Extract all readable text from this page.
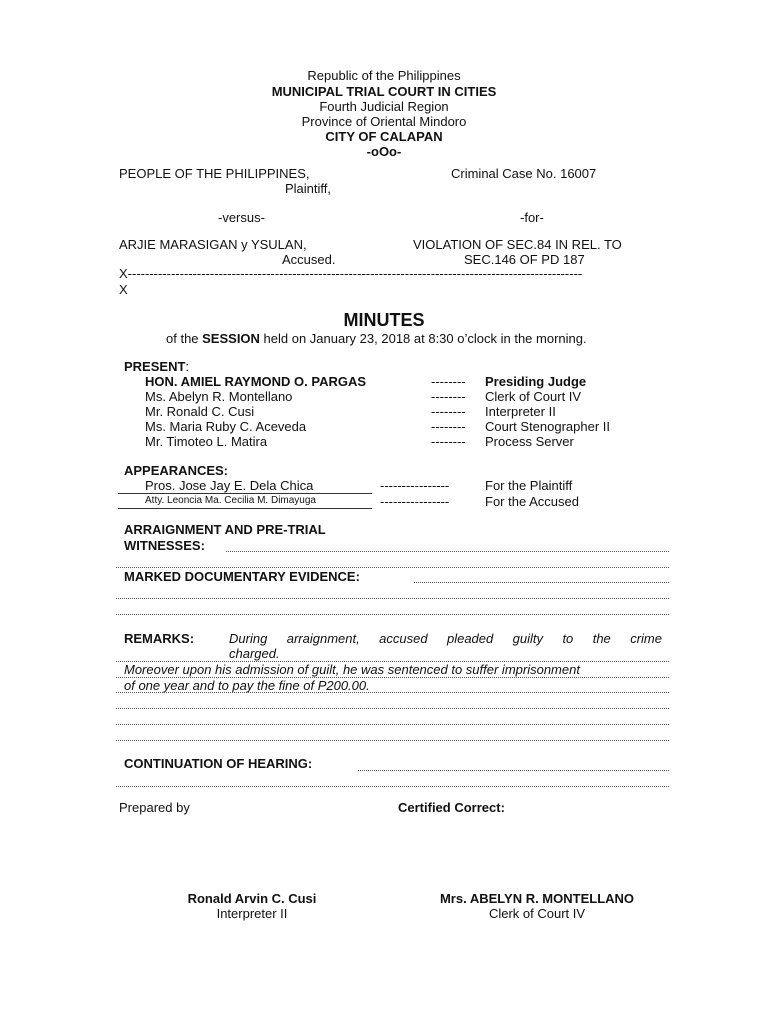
Republic of the Philippines
MUNICIPAL TRIAL COURT IN CITIES
Fourth Judicial Region
Province of Oriental Mindoro
CITY OF CALAPAN
-oOo-
PEOPLE OF THE PHILIPPINES,
Plaintiff,
Criminal Case No. 16007
-versus-	-for-
ARJIE MARASIGAN y YSULAN,
Accused.
VIOLATION OF SEC.84 IN REL. TO
SEC.146 OF PD 187
X---------------------------------------------------------------------------------------------------------
X
MINUTES
of the SESSION held on January 23, 2018 at 8:30 o’clock in the morning.
PRESENT:
HON. AMIEL RAYMOND O. PARGAS	-------- Presiding Judge
Ms. Abelyn R. Montellano	-------- Clerk of Court IV
Mr. Ronald C. Cusi	-------- Interpreter II
Ms. Maria Ruby C. Aceveda	-------- Court Stenographer II
Mr. Timoteo L. Matira	-------- Process Server
APPEARANCES:
Pros. Jose Jay E. Dela Chica	----------------	For the Plaintiff
Atty. Leoncia Ma. Cecilia M. Dimayuga	----------------	For the Accused
ARRAIGNMENT AND PRE-TRIAL
WITNESSES:
MARKED DOCUMENTARY EVIDENCE:
REMARKS:	During arraignment, accused pleaded guilty to the crime
charged.
Moreover upon his admission of guilt, he was sentenced to suffer imprisonment
of one year and to pay the fine of P200.00.
CONTINUATION OF HEARING:
Prepared by	Certified Correct:
Ronald Arvin C. Cusi
Interpreter II
Mrs. ABELYN R. MONTELLANO
Clerk of Court IV
